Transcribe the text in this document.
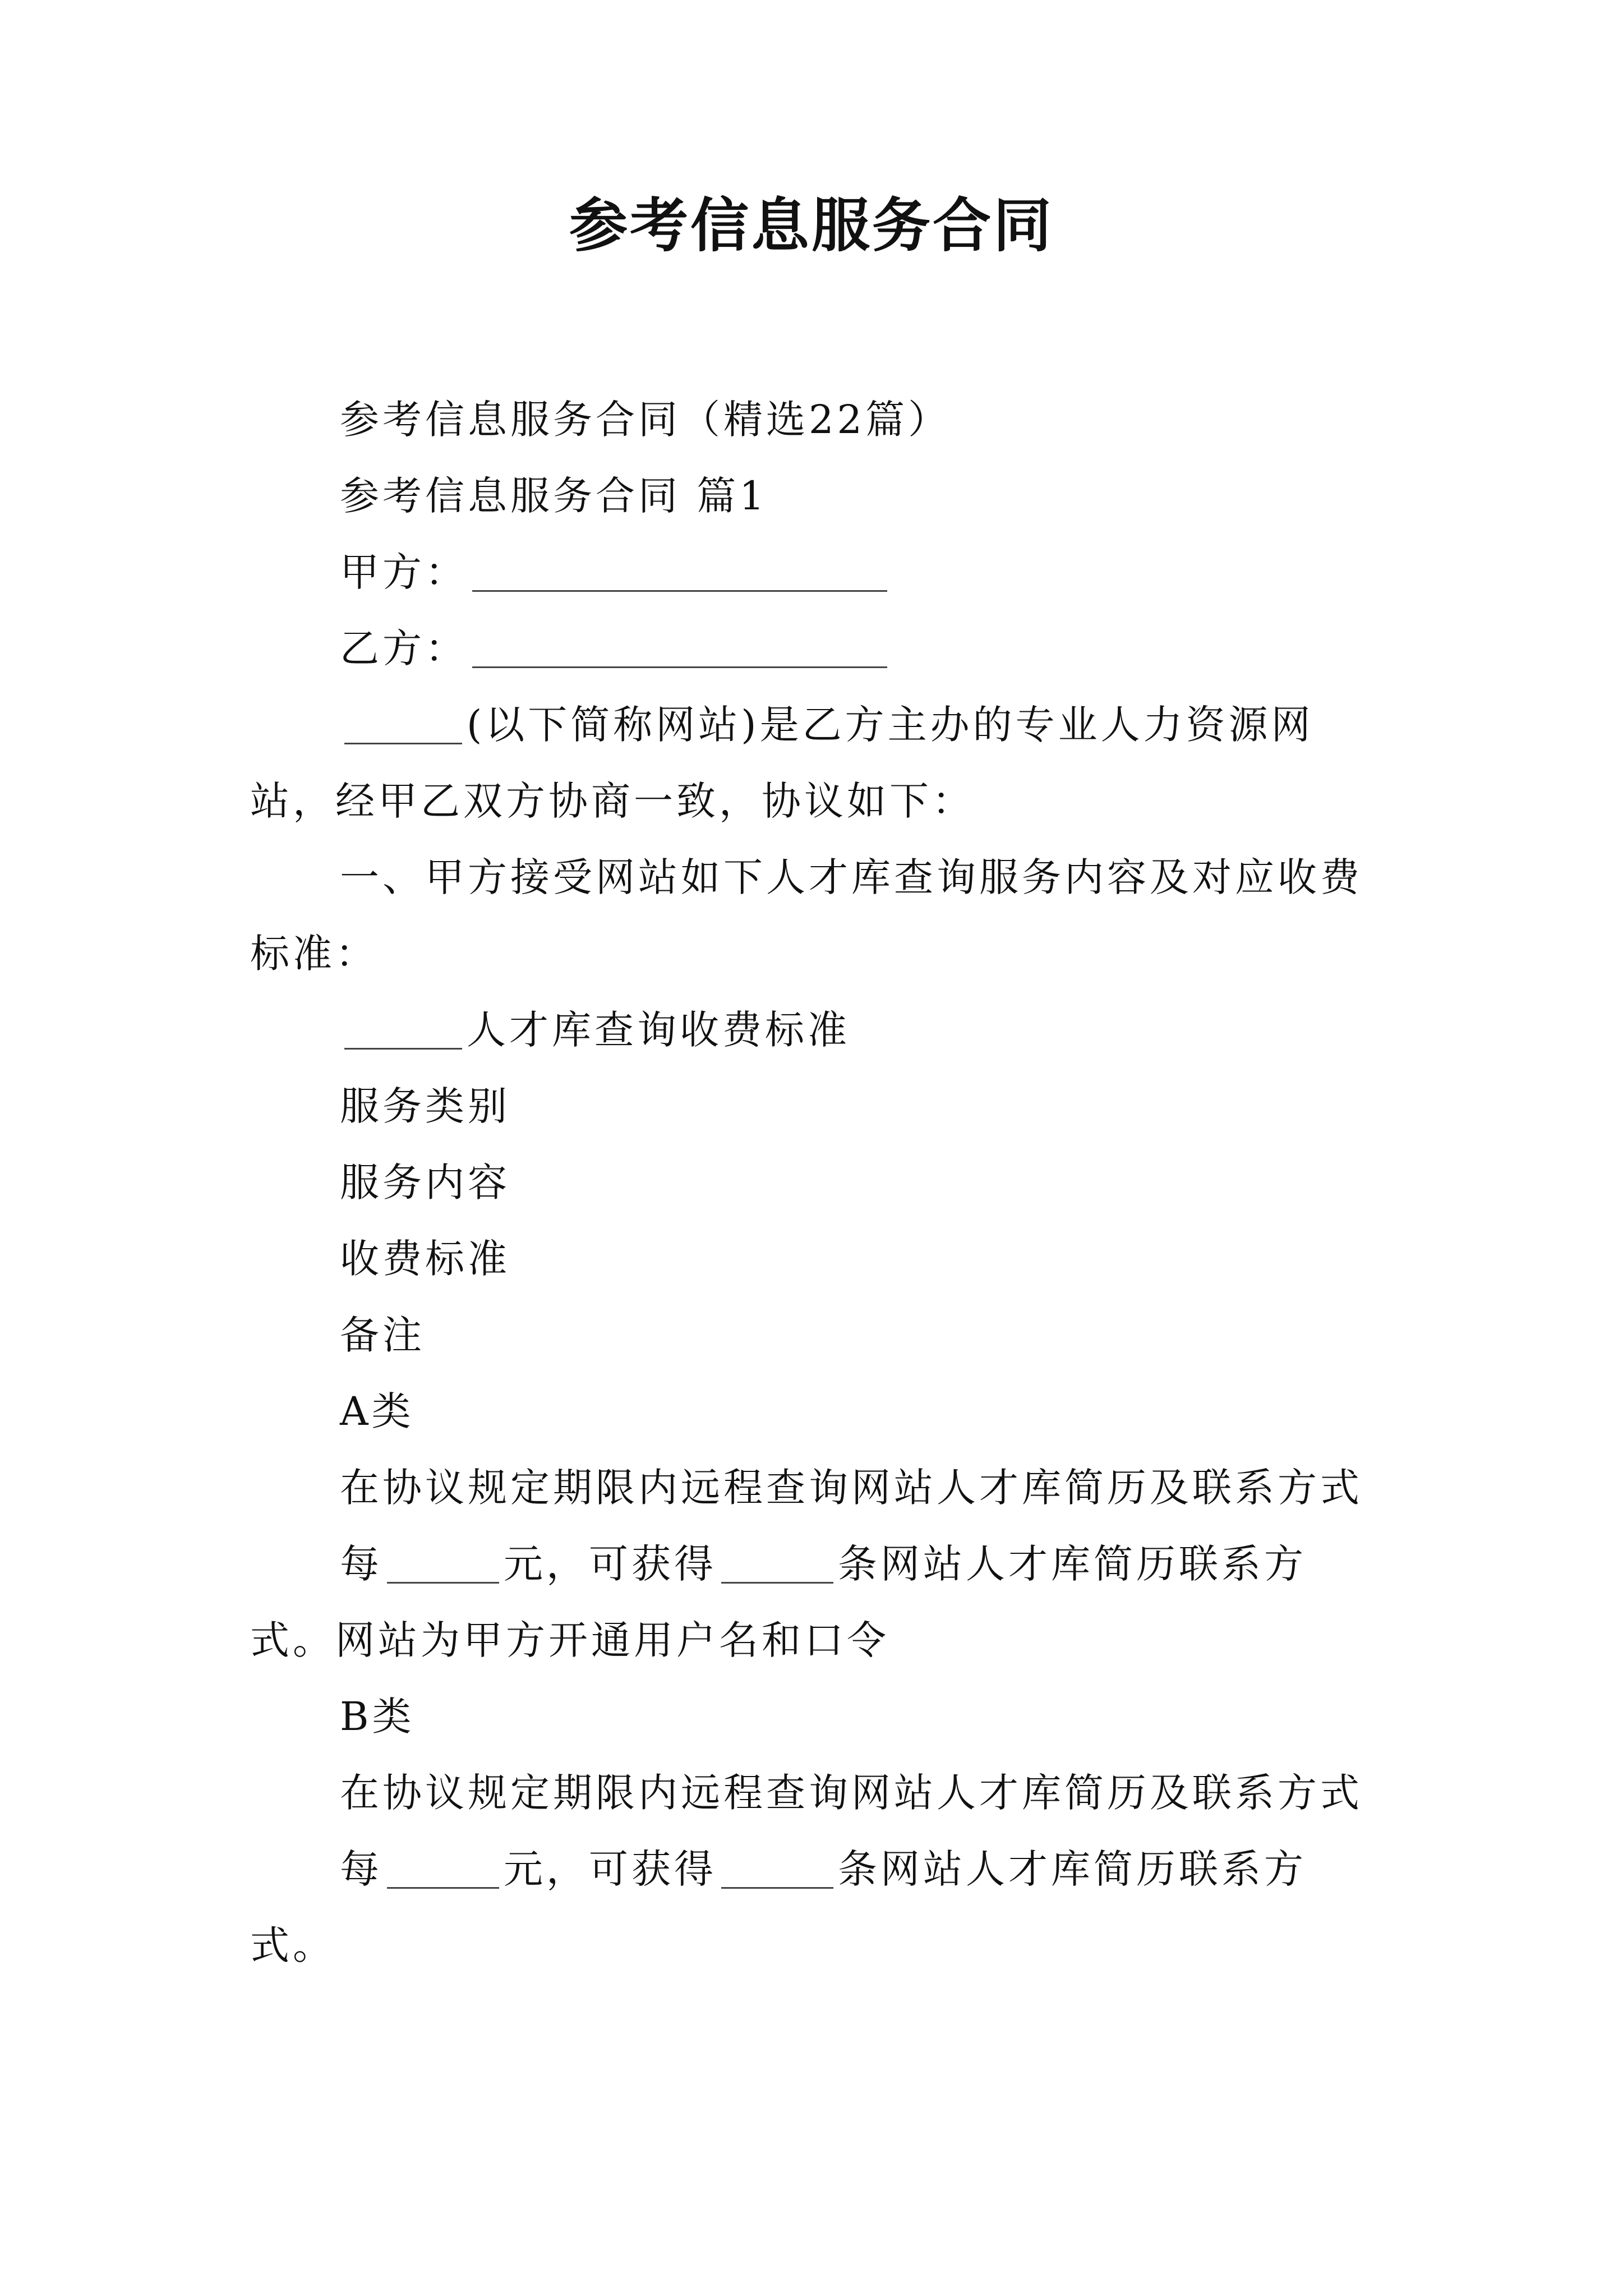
参考信息服务合同

参考信息服务合同（精选22篇）

参考信息服务合同 篇1

甲方：

乙方：

(以下简称网站)是乙方主办的专业人力资源网站，经甲乙双方协商一致，协议如下：

一、甲方接受网站如下人才库查询服务内容及对应收费标准：

人才库查询收费标准

服务类别

服务内容

收费标准

备注

A类

在协议规定期限内远程查询网站人才库简历及联系方式

每	元，可获得	条网站人才库简历联系方式。网站为甲方开通用户名和口令

B类

在协议规定期限内远程查询网站人才库简历及联系方式

每	元，可获得	条网站人才库简历联系方式。
